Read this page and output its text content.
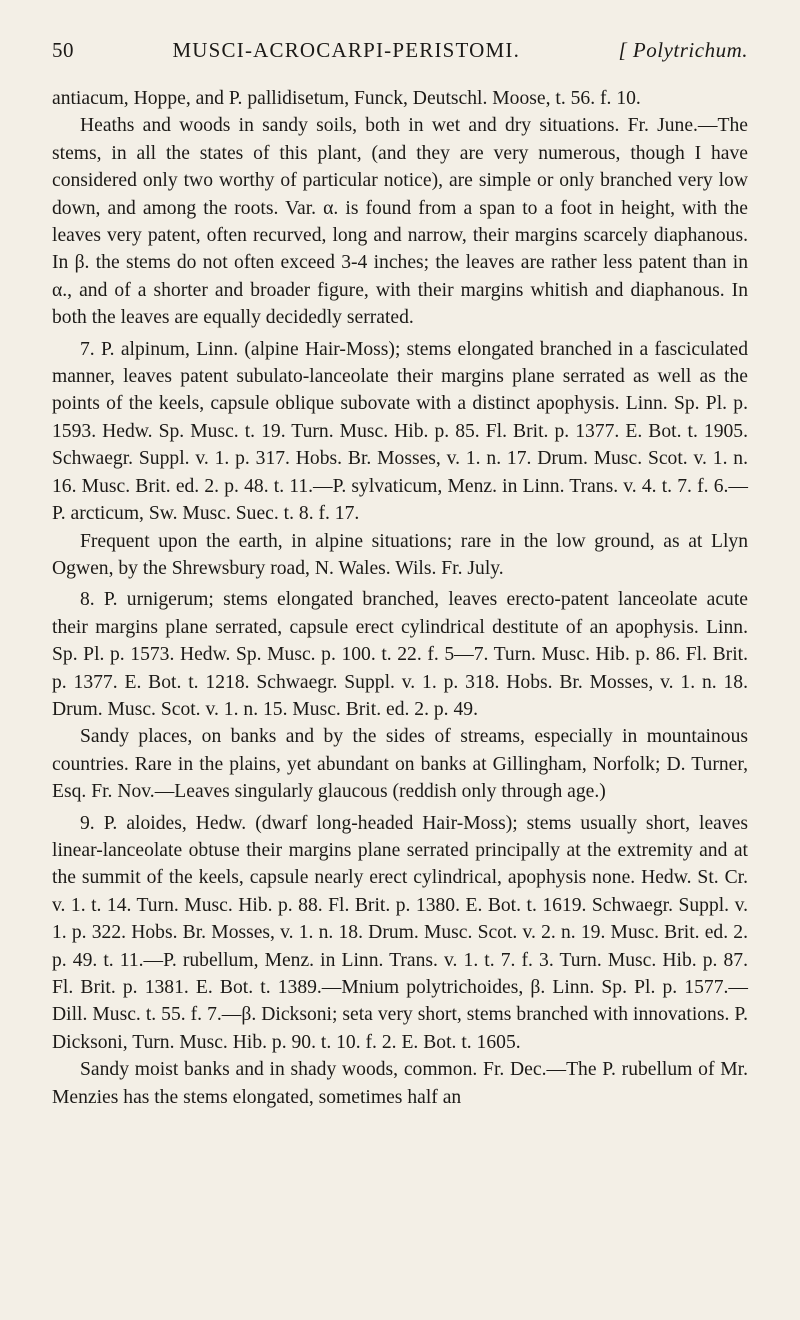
50	MUSCI-ACROCARPI-PERISTOMI.	[ Polytrichum.

antiacum, Hoppe, and P. pallidisetum, Funck, Deutschl. Moose, t. 56. f. 10.

Heaths and woods in sandy soils, both in wet and dry situations. Fr. June.—The stems, in all the states of this plant, (and they are very numerous, though I have considered only two worthy of particular notice), are simple or only branched very low down, and among the roots. Var. α. is found from a span to a foot in height, with the leaves very patent, often recurved, long and narrow, their margins scarcely diaphanous. In β. the stems do not often exceed 3-4 inches; the leaves are rather less patent than in α., and of a shorter and broader figure, with their margins whitish and diaphanous. In both the leaves are equally decidedly serrated.

7. P. alpinum, Linn. (alpine Hair-Moss); stems elongated branched in a fasciculated manner, leaves patent subulato-lanceolate their margins plane serrated as well as the points of the keels, capsule oblique subovate with a distinct apophysis. Linn. Sp. Pl. p. 1593. Hedw. Sp. Musc. t. 19. Turn. Musc. Hib. p. 85. Fl. Brit. p. 1377. E. Bot. t. 1905. Schwaegr. Suppl. v. 1. p. 317. Hobs. Br. Mosses, v. 1. n. 17. Drum. Musc. Scot. v. 1. n. 16. Musc. Brit. ed. 2. p. 48. t. 11.—P. sylvaticum, Menz. in Linn. Trans. v. 4. t. 7. f. 6.—P. arcticum, Sw. Musc. Suec. t. 8. f. 17.

Frequent upon the earth, in alpine situations; rare in the low ground, as at Llyn Ogwen, by the Shrewsbury road, N. Wales. Wils. Fr. July.

8. P. urnigerum; stems elongated branched, leaves erecto-patent lanceolate acute their margins plane serrated, capsule erect cylindrical destitute of an apophysis. Linn. Sp. Pl. p. 1573. Hedw. Sp. Musc. p. 100. t. 22. f. 5—7. Turn. Musc. Hib. p. 86. Fl. Brit. p. 1377. E. Bot. t. 1218. Schwaegr. Suppl. v. 1. p. 318. Hobs. Br. Mosses, v. 1. n. 18. Drum. Musc. Scot. v. 1. n. 15. Musc. Brit. ed. 2. p. 49.

Sandy places, on banks and by the sides of streams, especially in mountainous countries. Rare in the plains, yet abundant on banks at Gillingham, Norfolk; D. Turner, Esq. Fr. Nov.—Leaves singularly glaucous (reddish only through age.)

9. P. aloides, Hedw. (dwarf long-headed Hair-Moss); stems usually short, leaves linear-lanceolate obtuse their margins plane serrated principally at the extremity and at the summit of the keels, capsule nearly erect cylindrical, apophysis none. Hedw. St. Cr. v. 1. t. 14. Turn. Musc. Hib. p. 88. Fl. Brit. p. 1380. E. Bot. t. 1619. Schwaegr. Suppl. v. 1. p. 322. Hobs. Br. Mosses, v. 1. n. 18. Drum. Musc. Scot. v. 2. n. 19. Musc. Brit. ed. 2. p. 49. t. 11.—P. rubellum, Menz. in Linn. Trans. v. 1. t. 7. f. 3. Turn. Musc. Hib. p. 87. Fl. Brit. p. 1381. E. Bot. t. 1389.—Mnium polytrichoides, β. Linn. Sp. Pl. p. 1577.—Dill. Musc. t. 55. f. 7.—β. Dicksoni; seta very short, stems branched with innovations. P. Dicksoni, Turn. Musc. Hib. p. 90. t. 10. f. 2. E. Bot. t. 1605.

Sandy moist banks and in shady woods, common. Fr. Dec.—The P. rubellum of Mr. Menzies has the stems elongated, sometimes half an
